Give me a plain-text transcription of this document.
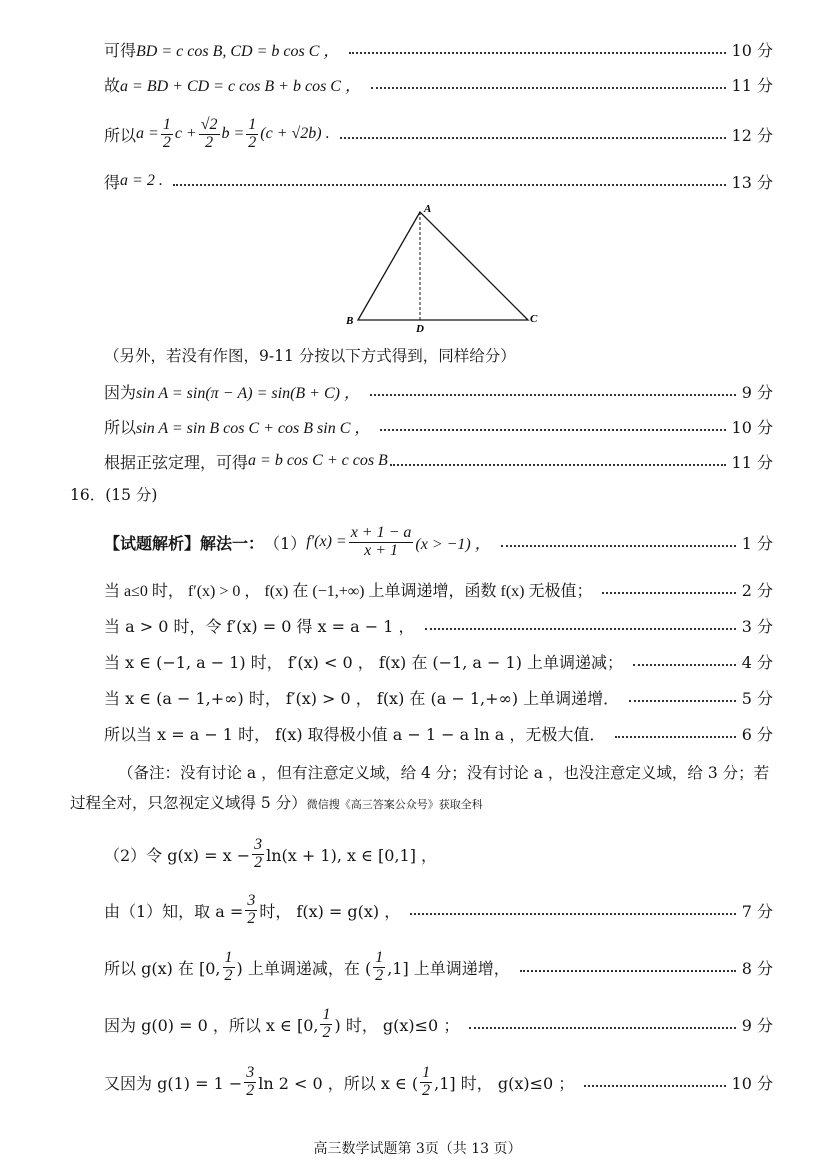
可得 BD = c cos B, CD = b cos C ，	10 分
故 a = BD + CD = c cos B + b cos C ，	11 分
所以 $a = \frac{1}{2}$ $c + \frac{√2}{2}$ $b = \frac{1}{2} (c + √2b)$ .	12 分
得 a = 2 .	13 分
A
B	C
D
（另外，若没有作图，9-11 分按以下方式得到，同样给分）
因为 sin A = sin(π − A) = sin(B + C) ，	9 分
所以 sin A = sin B cos C + cos B sin C ，	10 分
根据正弦定理，可得 a = b cos C + c cos B	11 分
16．(15 分)
【试题解析】解法一： （1） $f'(x) = \frac{x + 1 - a}{x + 1} (x > -1)$ ，	1 分
当 a≤0 时， f′(x) > 0 ， f(x) 在 (−1,+∞) 上单调递增，函数 f(x) 无极值；	2 分
当 a > 0 时，令 f′(x) = 0 得 x = a − 1 ，	3 分
当 x ∈ (−1, a − 1) 时， f′(x) < 0 ， f(x) 在 (−1, a − 1) 上单调递减；	4 分
当 x ∈ (a − 1,+∞) 时， f′(x) > 0 ， f(x) 在 (a − 1,+∞) 上单调递增．	5 分
所以当 x = a − 1 时， f(x) 取得极小值 a − 1 − a ln a ，无极大值．	6 分
（备注：没有讨论 a ，但有注意定义域，给 4 分；没有讨论 a ，也没注意定义域，给 3 分；若过程全对，只忽视定义域得 5 分）微信搜《高三答案公众号》获取全科
（2）令 $g(x) = x - \frac{3}{2} \ln(x + 1)$, x ∈ [0,1] ，
由（1）知，取 $a = \frac{3}{2}$ 时， f(x) = g(x) ，	7 分
所以 g(x) 在 [0, $\frac{1}{2}$ ) 上单调递减，在 ( $\frac{1}{2} ,1$] 上单调递增，	8 分
因为 g(0) = 0 ，所以 x ∈ [0, $\frac{1}{2}$ ) 时， g(x)≤0 ；	9 分
又因为 $g(1) = 1 - \frac{3}{2}$ ln 2 < 0 ，所以 x ∈ ( $\frac{1}{2} ,1$] 时， g(x)≤0 ；	10 分
高三数学试题第 3页（共 13 页）
